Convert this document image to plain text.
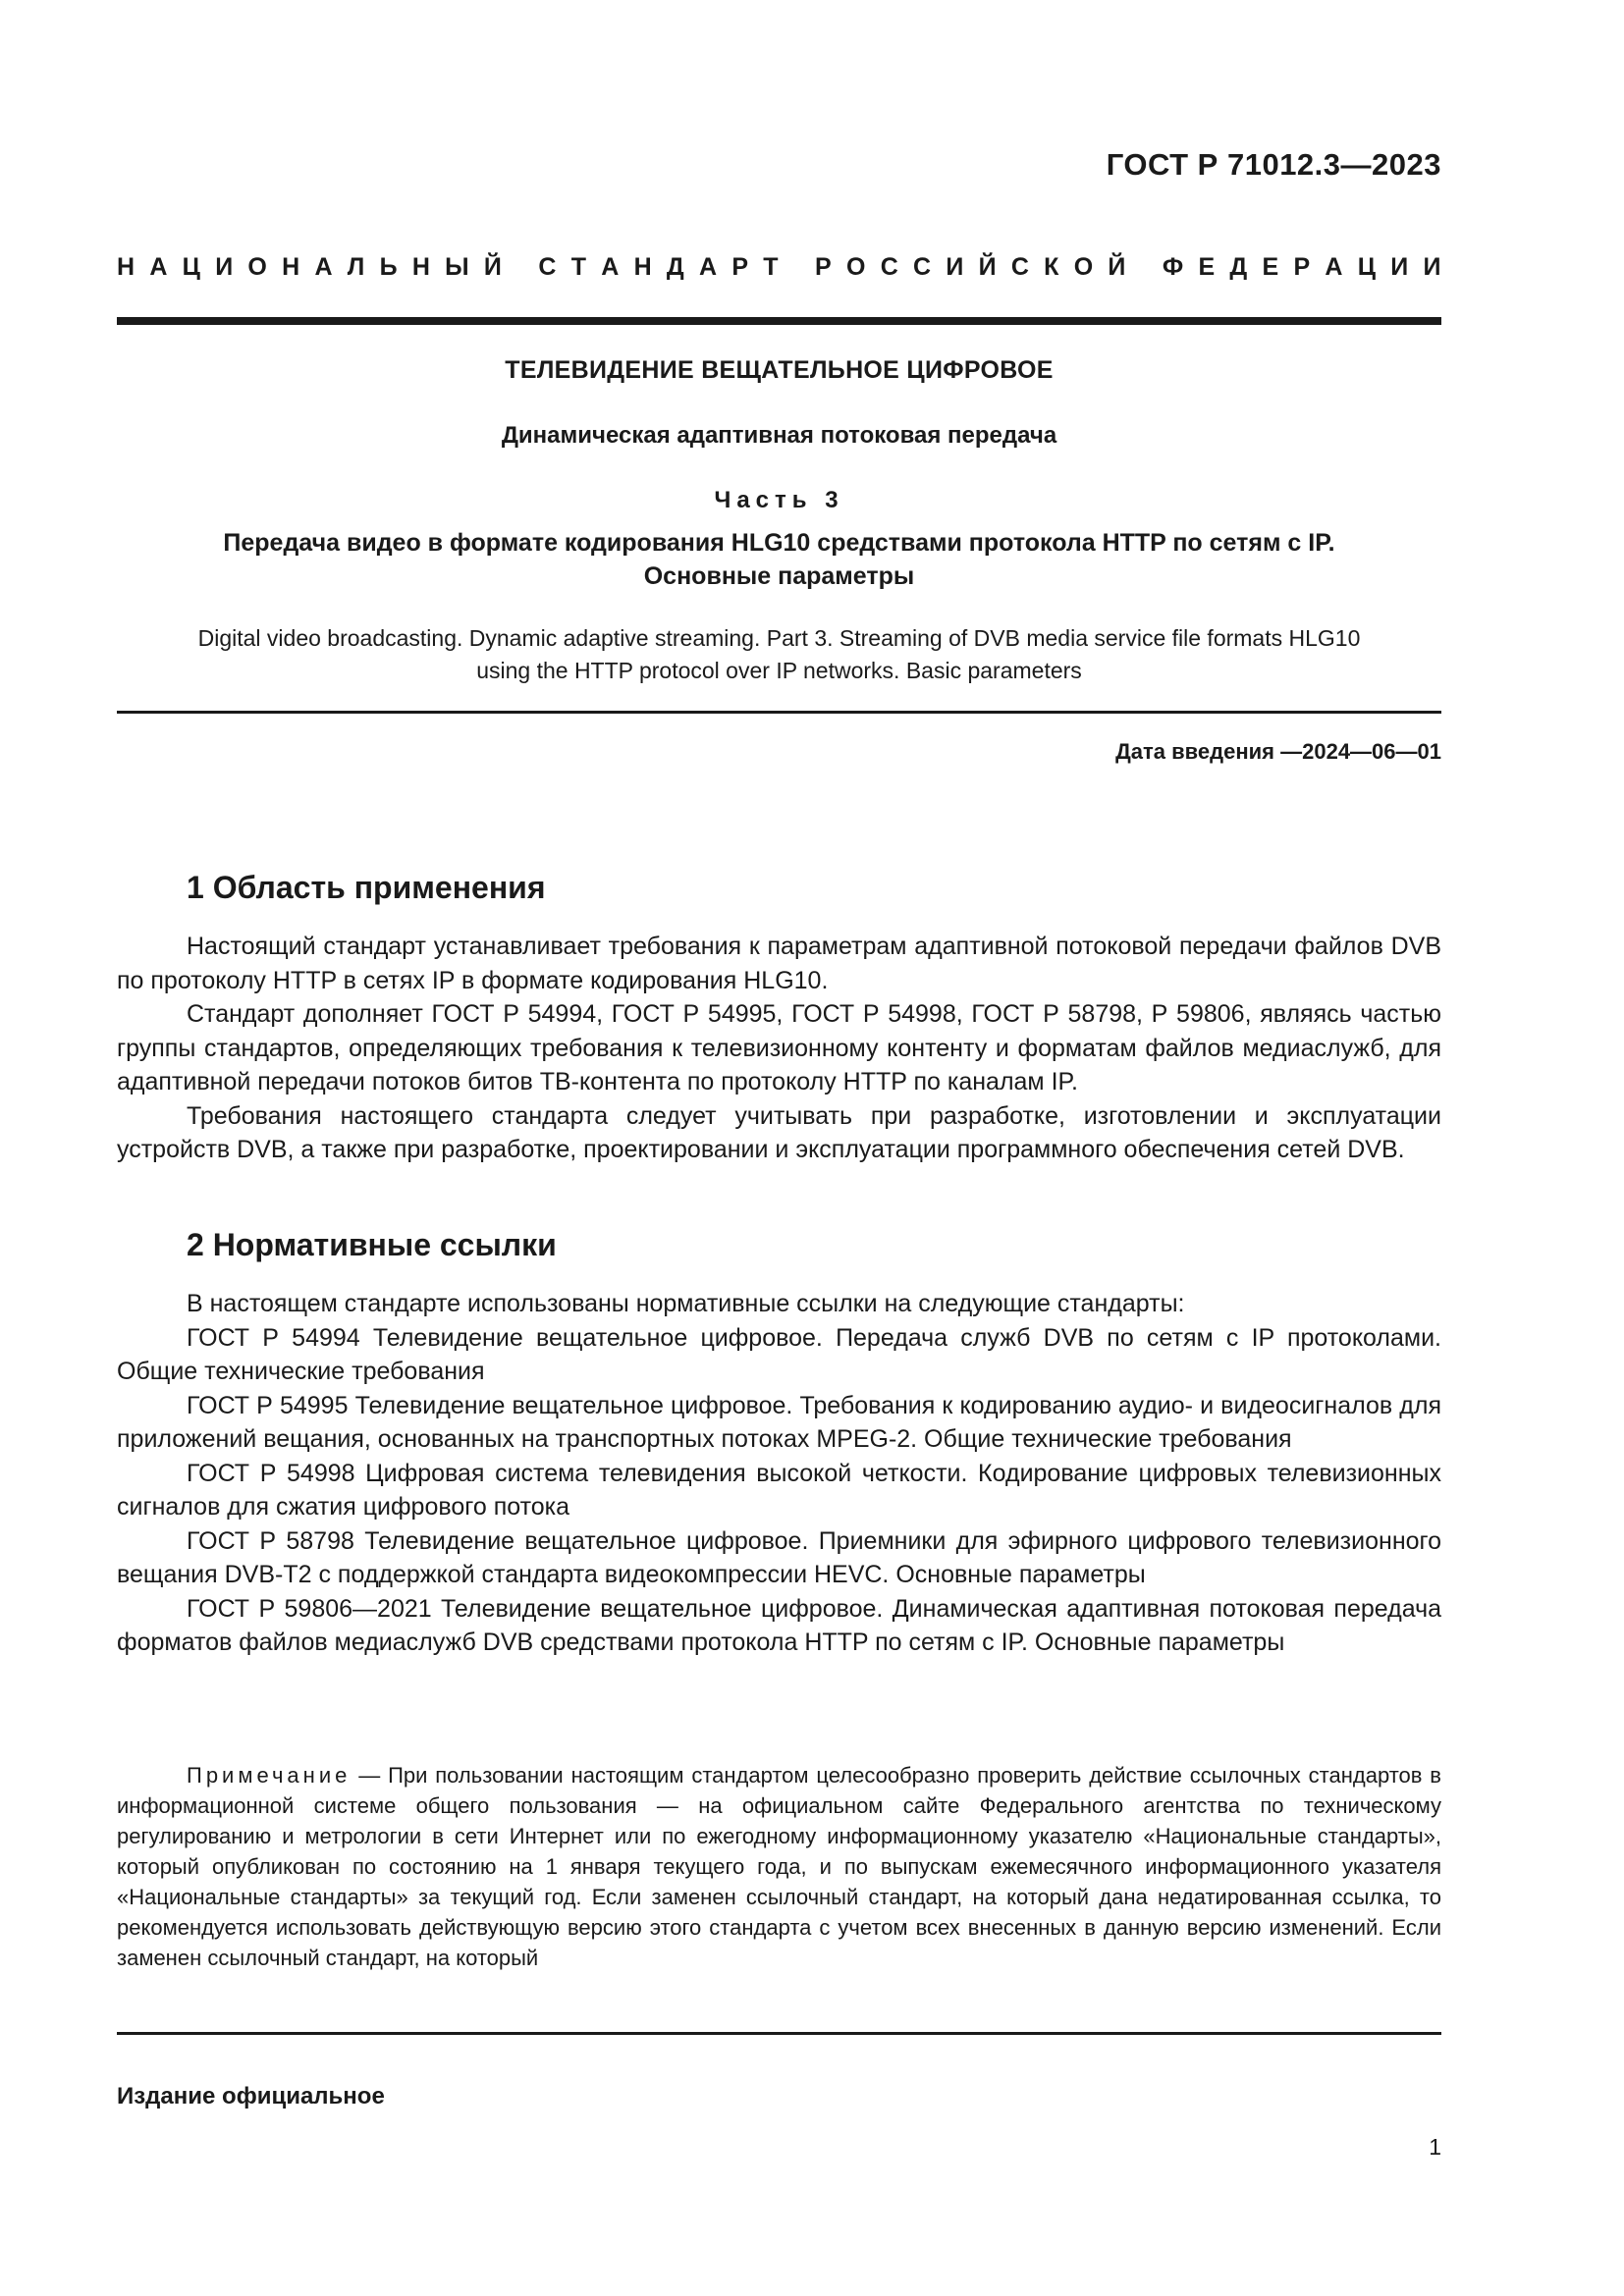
ГОСТ Р 71012.3—2023
Н А Ц И О Н А Л Ь Н Ы Й
С Т А Н Д А Р Т
Р О С С И Й С К О Й
Ф Е Д Е Р А Ц И И
ТЕЛЕВИДЕНИЕ ВЕЩАТЕЛЬНОЕ ЦИФРОВОЕ
Динамическая адаптивная потоковая передача
Часть 3
Передача видео в формате кодирования HLG10 средствами протокола HTTP по сетям с IP.
Основные параметры
Digital video broadcasting. Dynamic adaptive streaming. Part 3. Streaming of DVB media service file formats HLG10
using the HTTP protocol over IP networks. Basic parameters
Дата введения —2024—06—01
1 Область применения

Настоящий стандарт устанавливает требования к параметрам адаптивной потоковой передачи файлов DVB по протоколу HTTP в сетях IP в формате кодирования HLG10.

Стандарт дополняет ГОСТ Р 54994, ГОСТ Р 54995, ГОСТ Р 54998, ГОСТ Р 58798, Р 59806, являясь частью группы стандартов, определяющих требования к телевизионному контенту и форматам файлов медиаслужб, для адаптивной передачи потоков битов ТВ-контента по протоколу HTTP по каналам IP.

Требования настоящего стандарта следует учитывать при разработке, изготовлении и эксплуатации устройств DVB, а также при разработке, проектировании и эксплуатации программного обеспечения сетей DVB.

2 Нормативные ссылки

В настоящем стандарте использованы нормативные ссылки на следующие стандарты:

ГОСТ Р 54994 Телевидение вещательное цифровое. Передача служб DVB по сетям с IP протоколами. Общие технические требования

ГОСТ Р 54995 Телевидение вещательное цифровое. Требования к кодированию аудио- и видеосигналов для приложений вещания, основанных на транспортных потоках MPEG-2. Общие технические требования

ГОСТ Р 54998 Цифровая система телевидения высокой четкости. Кодирование цифровых телевизионных сигналов для сжатия цифрового потока

ГОСТ Р 58798 Телевидение вещательное цифровое. Приемники для эфирного цифрового телевизионного вещания DVB-T2 с поддержкой стандарта видеокомпрессии HEVC. Основные параметры

ГОСТ Р 59806—2021 Телевидение вещательное цифровое. Динамическая адаптивная потоковая передача форматов файлов медиаслужб DVB средствами протокола HTTP по сетям с IP. Основные параметры

Примечание — При пользовании настоящим стандартом целесообразно проверить действие ссылочных стандартов в информационной системе общего пользования — на официальном сайте Федерального агентства по техническому регулированию и метрологии в сети Интернет или по ежегодному информационному указателю «Национальные стандарты», который опубликован по состоянию на 1 января текущего года, и по выпускам ежемесячного информационного указателя «Национальные стандарты» за текущий год. Если заменен ссылочный стандарт, на который дана недатированная ссылка, то рекомендуется использовать действующую версию этого стандарта с учетом всех внесенных в данную версию изменений. Если заменен ссылочный стандарт, на который

Издание официальное
1
